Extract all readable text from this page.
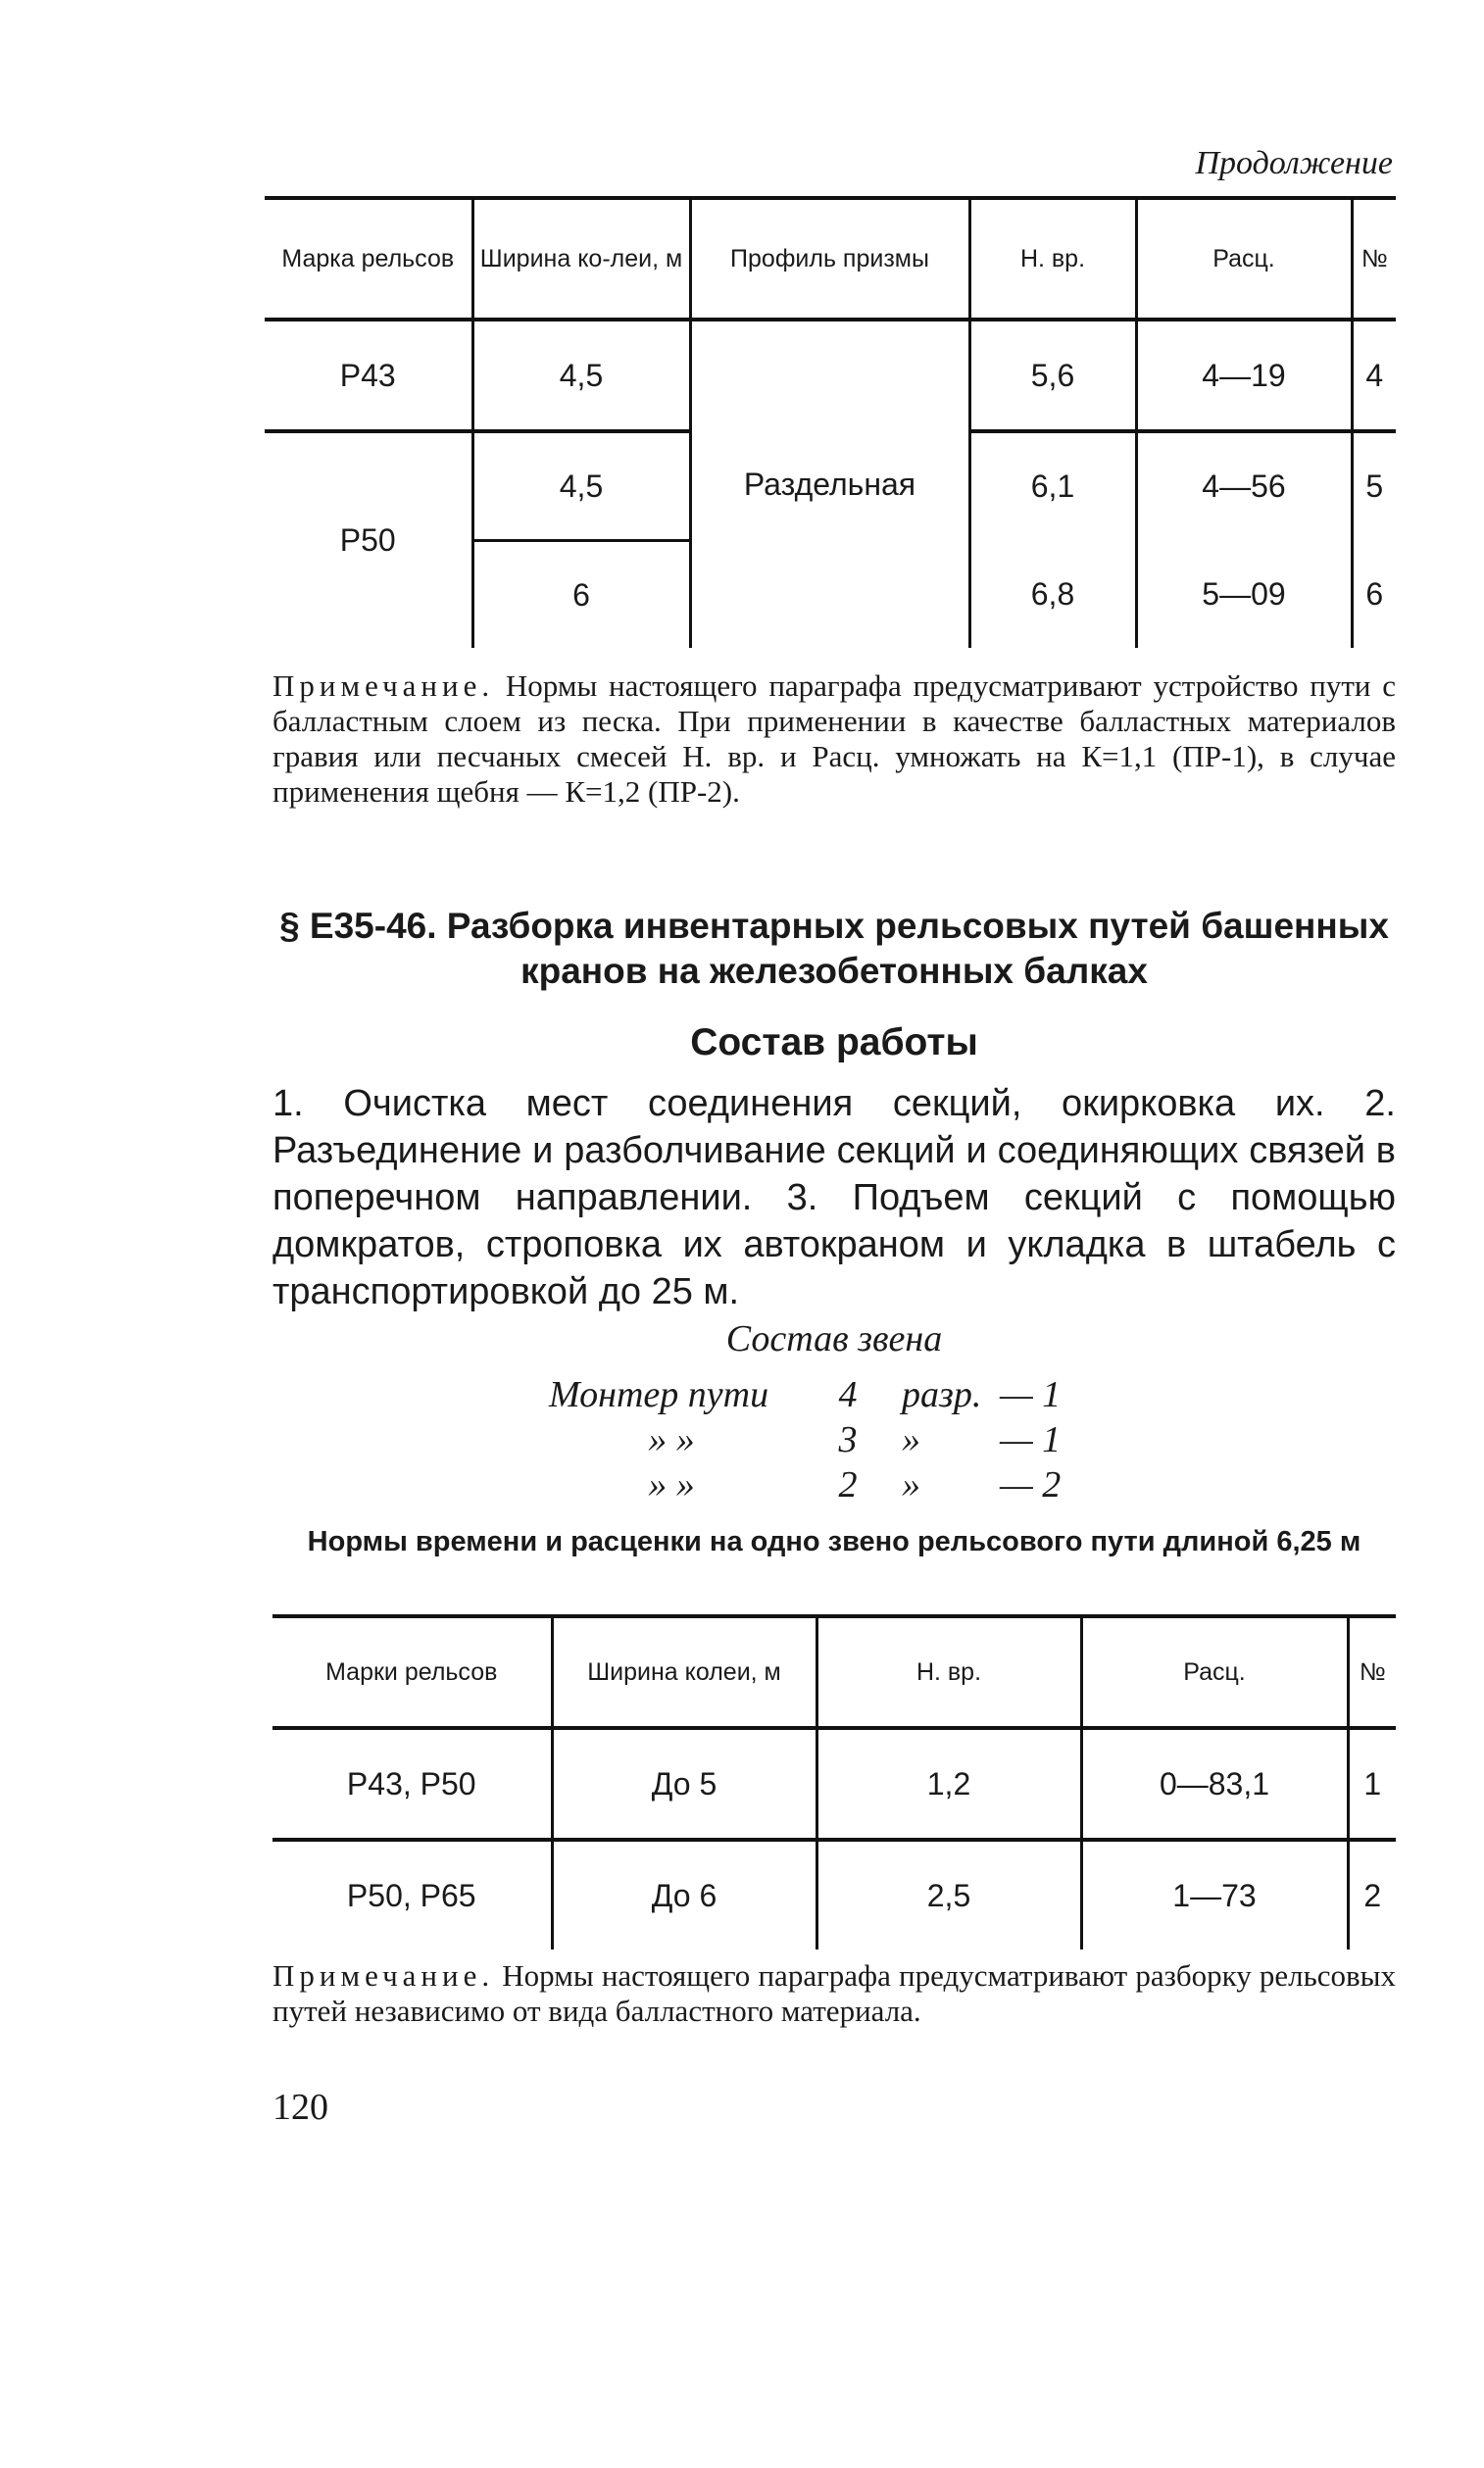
Продолжение
Марка рельсов	Ширина ко-леи, м	Профиль призмы	Н. вр.	Расц.	№
Р43	4,5	Раздельная	5,6	4—19	4
Р50	4,5		6,1	4—56	5
	6		6,8	5—09	6
Примечание. Нормы настоящего параграфа предусматривают устройство пути с балластным слоем из песка. При применении в качестве балластных материалов гравия или песчаных смесей Н. вр. и Расц. умножать на К=1,1 (ПР-1), в случае применения щебня — К=1,2 (ПР-2).
§ Е35-46. Разборка инвентарных рельсовых путей башенных кранов на железобетонных балках
Состав работы
1. Очистка мест соединения секций, окирковка их. 2. Разъединение и разболчивание секций и соединяющих связей в поперечном направлении. 3. Подъем секций с помощью домкратов, строповка их автокраном и укладка в штабель с транспортировкой до 25 м.
Состав звена
Монтер пути	4	разр. — 1
» »	3	»	— 1
» »	2	»	— 2
Нормы времени и расценки на одно звено рельсового пути длиной 6,25 м
Марки рельсов	Ширина колеи, м	Н. вр.	Расц.	№
Р43, Р50	До 5	1,2	0—83,1	1
Р50, Р65	До 6	2,5	1—73	2
Примечание. Нормы настоящего параграфа предусматривают разборку рельсовых путей независимо от вида балластного материала.
120
